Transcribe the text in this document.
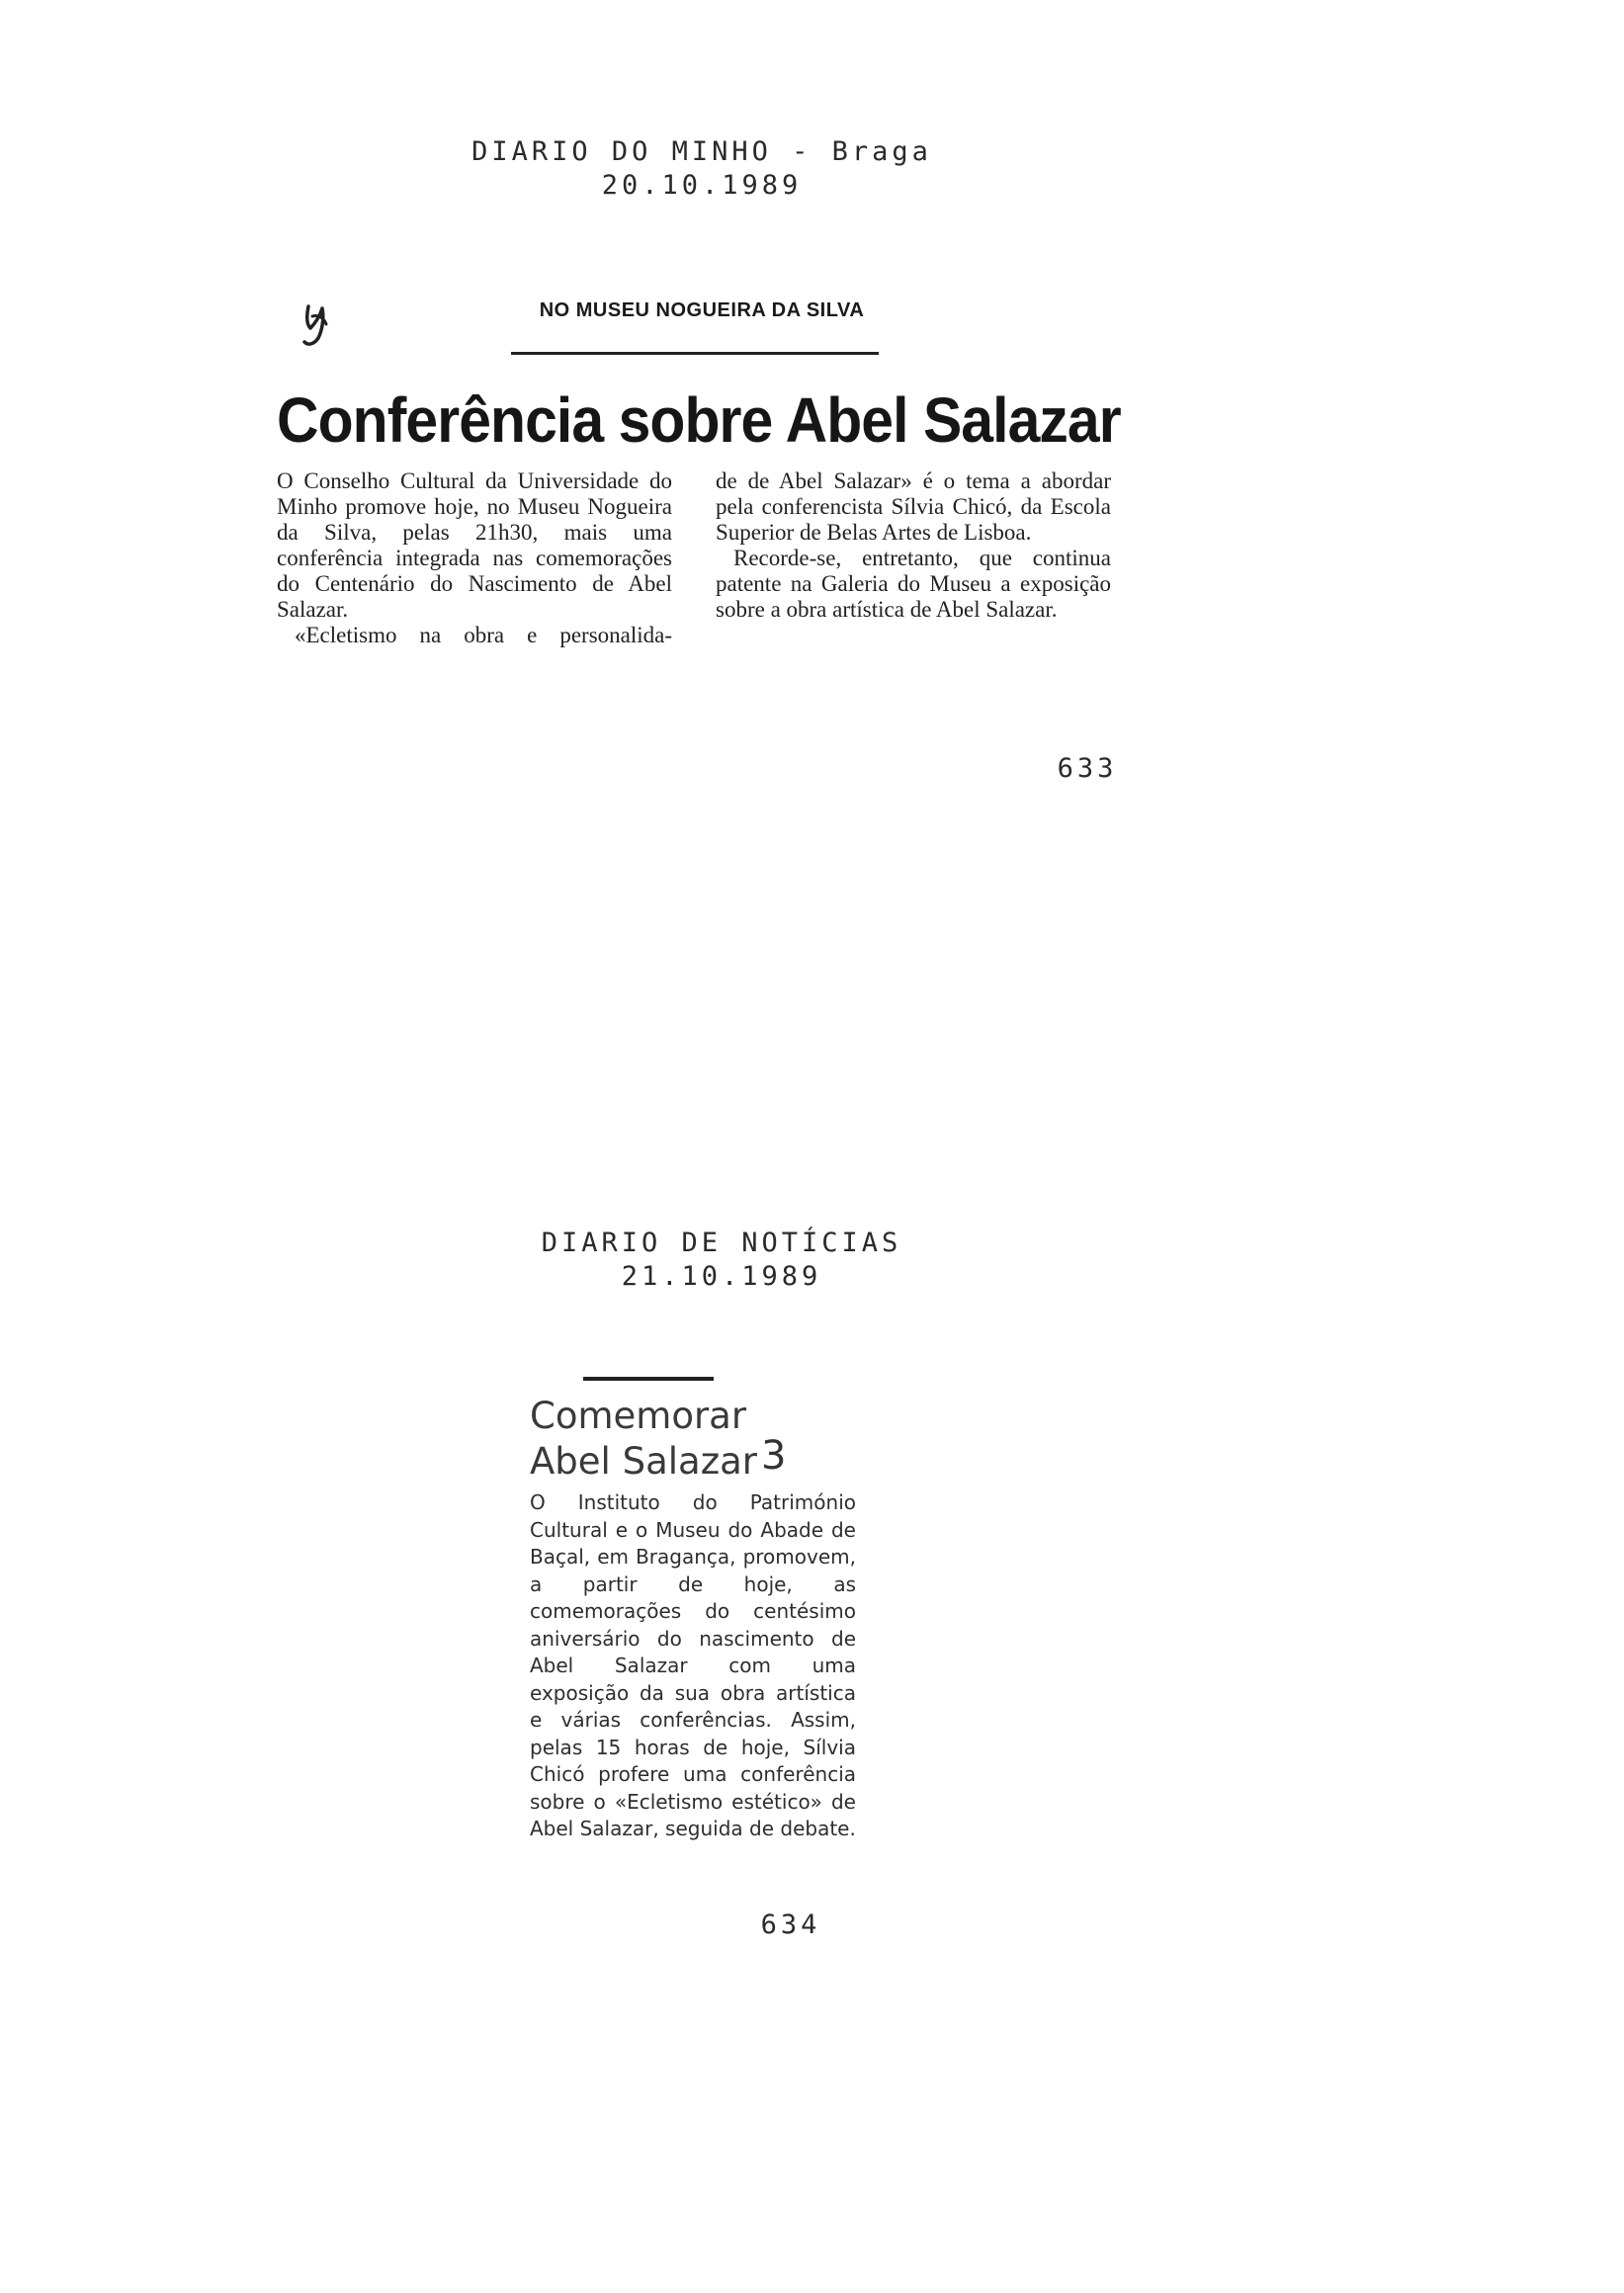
DIARIO DO MINHO - Braga
20.10.1989
NO MUSEU NOGUEIRA DA SILVA
Conferência sobre Abel Salazar

O Conselho Cultural da Universidade do Minho promove hoje, no Museu Nogueira da Silva, pelas 21h30, mais uma conferência integrada nas comemorações do Centenário do Nascimento de Abel Salazar.

«Ecletismo na obra e personalida-

de de Abel Salazar» é o tema a abordar pela conferencista Sílvia Chicó, da Escola Superior de Belas Artes de Lisboa.

Recorde-se, entretanto, que continua patente na Galeria do Museu a exposição sobre a obra artística de Abel Salazar.

633
DIARIO DE NOTÍCIAS
21.10.1989
Comemorar
Abel Salazar 3
O Instituto do Património Cultural e o Museu do Abade de Baçal, em Bragança, promovem, a partir de hoje, as comemorações do centésimo aniversário do nascimento de Abel Salazar com uma exposição da sua obra artística e várias conferências. Assim, pelas 15 horas de hoje, Sílvia Chicó profere uma conferência sobre o «Ecletismo estético» de Abel Salazar, seguida de debate.
634
